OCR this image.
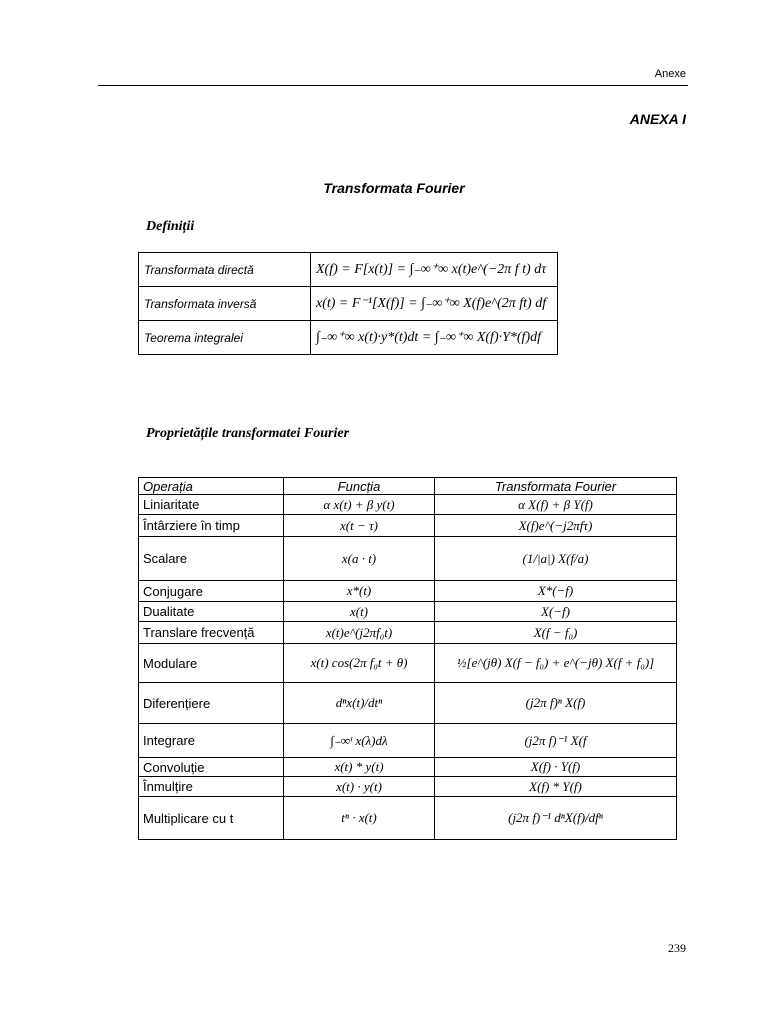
Anexe
ANEXA I
Transformata Fourier
Definiții
Transformata directă	X(f) = F[x(t)] = ∫₋∞⁺∞ x(t)e^(−2π f t) dτ
Transformata inversă	x(t) = F⁻¹[X(f)] = ∫₋∞⁺∞ X(f)e^(2π ft) df
Teorema integralei	∫₋∞⁺∞ x(t)·y*(t)dt = ∫₋∞⁺∞ X(f)·Y*(f)df
Proprietățile transformatei Fourier
Operația	Funcția	Transformata Fourier
Liniaritate	α x(t) + β y(t)	α X(f) + β Y(f)
Întârziere în timp	x(t − τ)	X(f)e^(−j2πfτ)
Scalare	x(a · t)	(1/|a|) X(f/a)
Conjugare	x*(t)	X*(−f)
Dualitate	x(t)	X(−f)
Translare frecvență	x(t)e^(j2πf₀t)	X(f − f₀)
Modulare	x(t) cos(2π f₀t + θ)	½[e^(jθ) X(f − f₀) + e^(−jθ) X(f + f₀)]
Diferențiere	dⁿx(t)/dtⁿ	(j2π f)ⁿ X(f)
Integrare	∫₋∞ᵗ x(λ)dλ	(j2π f)⁻¹ X(f
Convoluție	x(t) * y(t)	X(f) · Y(f)
Înmulțire	x(t) · y(t)	X(f) * Y(f)
Multiplicare cu t	tⁿ · x(t)	(j2π f)⁻¹ dⁿX(f)/dfⁿ
239
